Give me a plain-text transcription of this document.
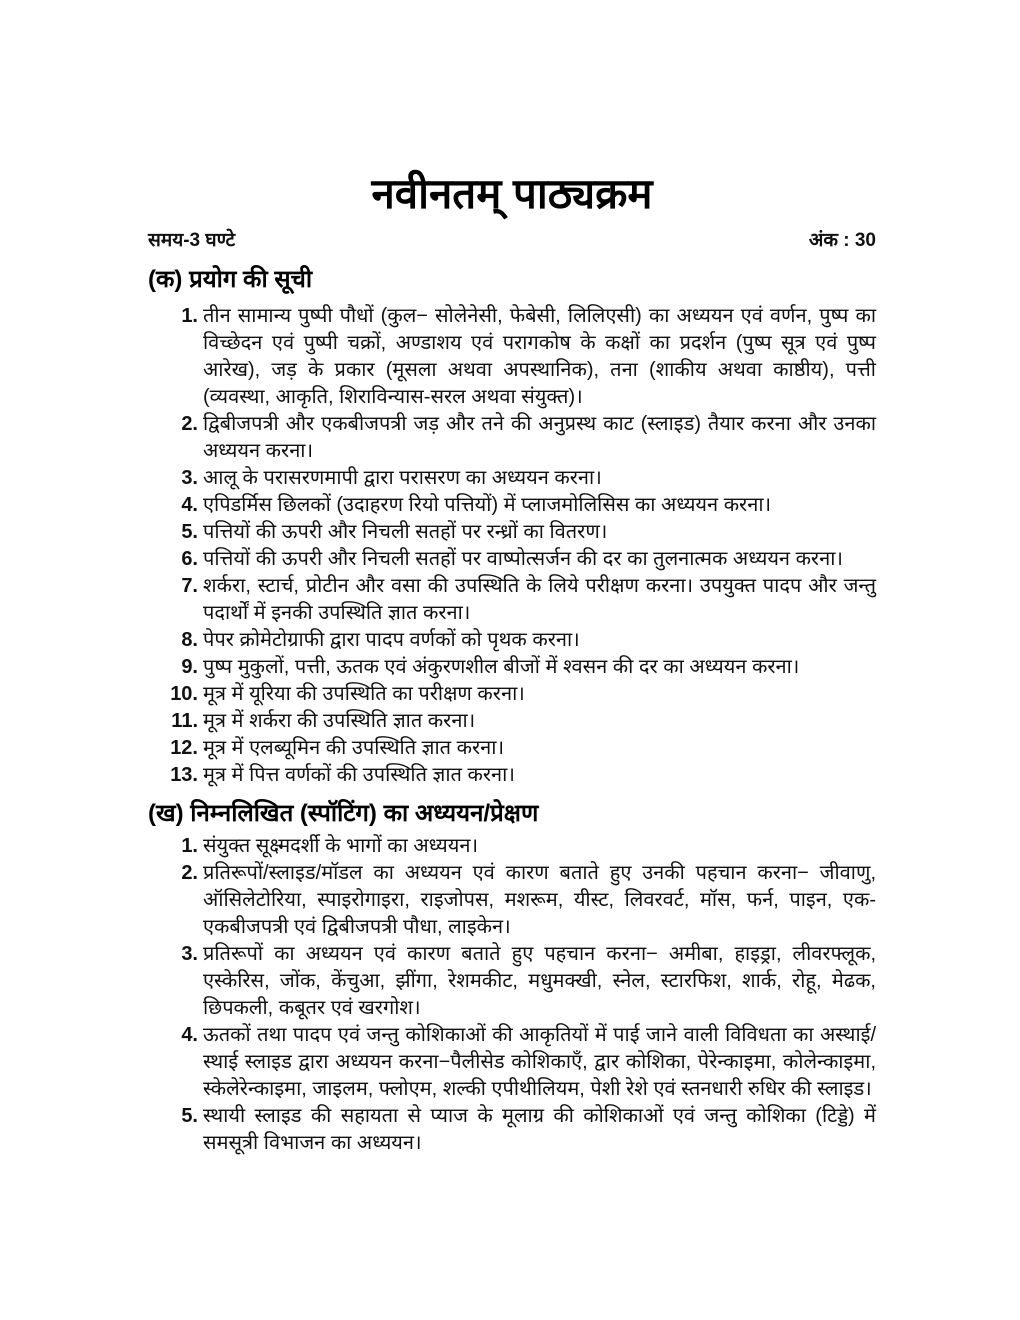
नवीनतम् पाठ्यक्रम
समय-3 घण्टे	अंक : 30
(क) प्रयोग की सूची
1. तीन सामान्य पुष्पी पौधों (कुल− सोलेनेसी, फेबेसी, लिलिएसी) का अध्ययन एवं वर्णन, पुष्प का विच्छेदन एवं पुष्पी चक्रों, अण्डाशय एवं परागकोष के कक्षों का प्रदर्शन (पुष्प सूत्र एवं पुष्प आरेख), जड़ के प्रकार (मूसला अथवा अपस्थानिक), तना (शाकीय अथवा काष्ठीय), पत्ती (व्यवस्था, आकृति, शिराविन्यास-सरल अथवा संयुक्त)।
2. द्विबीजपत्री और एकबीजपत्री जड़ और तने की अनुप्रस्थ काट (स्लाइड) तैयार करना और उनका अध्ययन करना।
3. आलू के परासरणमापी द्वारा परासरण का अध्ययन करना।
4. एपिडर्मिस छिलकों (उदाहरण रियो पत्तियों) में प्लाजमोलिसिस का अध्ययन करना।
5. पत्तियों की ऊपरी और निचली सतहों पर रन्ध्रों का वितरण।
6. पत्तियों की ऊपरी और निचली सतहों पर वाष्पोत्सर्जन की दर का तुलनात्मक अध्ययन करना।
7. शर्करा, स्टार्च, प्रोटीन और वसा की उपस्थिति के लिये परीक्षण करना। उपयुक्त पादप और जन्तु पदार्थों में इनकी उपस्थिति ज्ञात करना।
8. पेपर क्रोमेटोग्राफी द्वारा पादप वर्णकों को पृथक करना।
9. पुष्प मुकुलों, पत्ती, ऊतक एवं अंकुरणशील बीजों में श्वसन की दर का अध्ययन करना।
10. मूत्र में यूरिया की उपस्थिति का परीक्षण करना।
11. मूत्र में शर्करा की उपस्थिति ज्ञात करना।
12. मूत्र में एलब्यूमिन की उपस्थिति ज्ञात करना।
13. मूत्र में पित्त वर्णकों की उपस्थिति ज्ञात करना।
(ख) निम्नलिखित (स्पॉटिंग) का अध्ययन/प्रेक्षण
1. संयुक्त सूक्ष्मदर्शी के भागों का अध्ययन।
2. प्रतिरूपों/स्लाइड/मॉडल का अध्ययन एवं कारण बताते हुए उनकी पहचान करना− जीवाणु, ऑसिलेटोरिया, स्पाइरोगाइरा, राइजोपस, मशरूम, यीस्ट, लिवरवर्ट, मॉस, फर्न, पाइन, एक-एकबीजपत्री एवं द्विबीजपत्री पौधा, लाइकेन।
3. प्रतिरूपों का अध्ययन एवं कारण बताते हुए पहचान करना− अमीबा, हाइड्रा, लीवरफ्लूक, एस्केरिस, जोंक, केंचुआ, झींगा, रेशमकीट, मधुमक्खी, स्नेल, स्टारफिश, शार्क, रोहू, मेढक, छिपकली, कबूतर एवं खरगोश।
4. ऊतकों तथा पादप एवं जन्तु कोशिकाओं की आकृतियों में पाई जाने वाली विविधता का अस्थाई/स्थाई स्लाइड द्वारा अध्ययन करना−पैलीसेड कोशिकाएँ, द्वार कोशिका, पेरेन्काइमा, कोलेन्काइमा, स्केलेरेन्काइमा, जाइलम, फ्लोएम, शल्की एपीथीलियम, पेशी रेशे एवं स्तनधारी रुधिर की स्लाइड।
5. स्थायी स्लाइड की सहायता से प्याज के मूलाग्र की कोशिकाओं एवं जन्तु कोशिका (टिड्डे) में समसूत्री विभाजन का अध्ययन।
